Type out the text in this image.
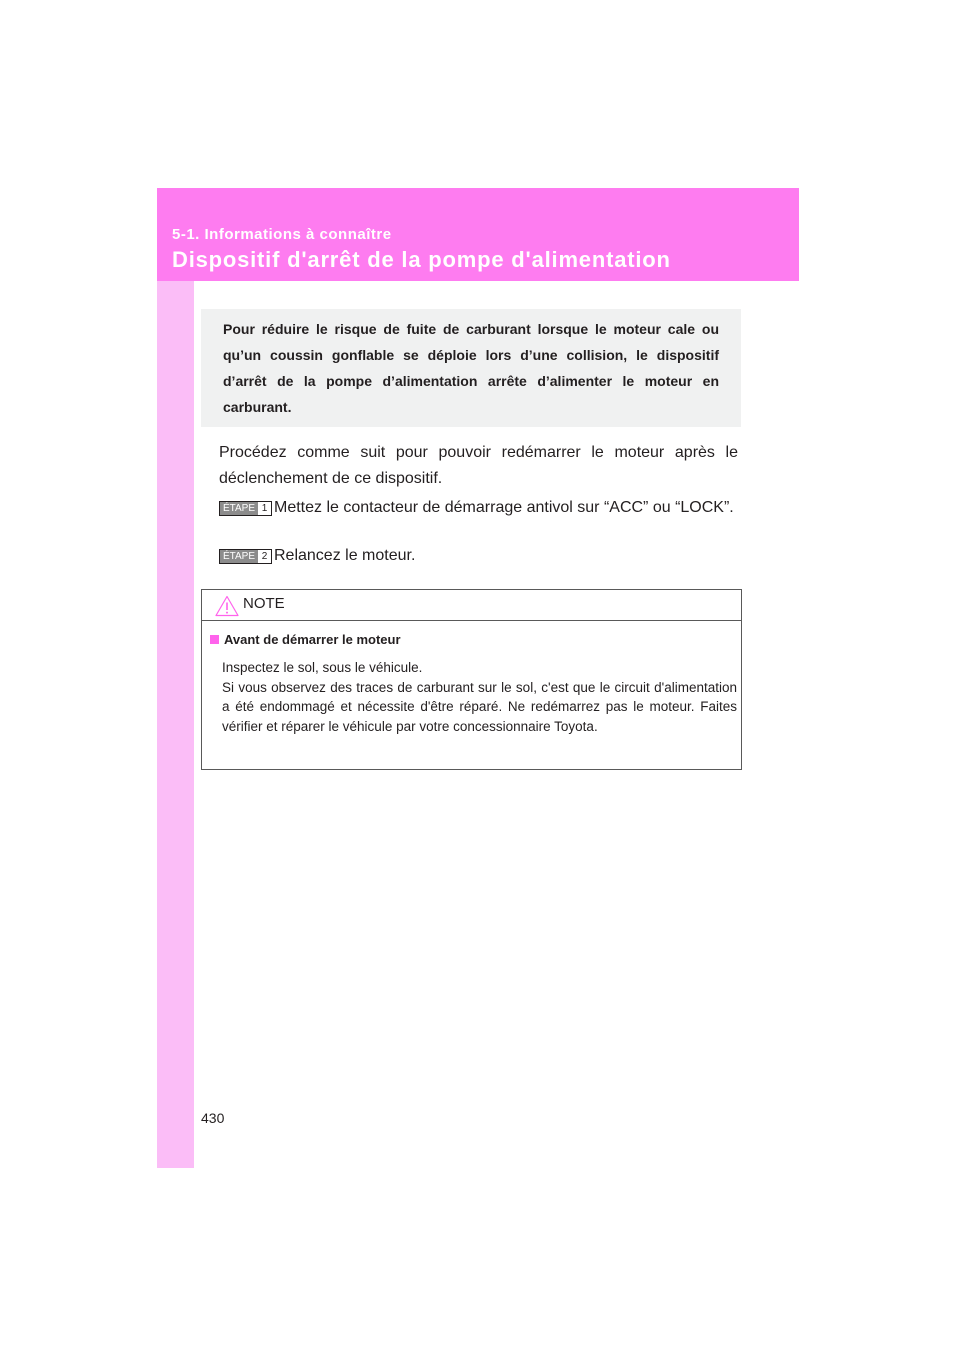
5-1. Informations à connaître
Dispositif d'arrêt de la pompe d'alimentation

Pour réduire le risque de fuite de carburant lorsque le moteur cale ou qu’un coussin gonflable se déploie lors d’une collision, le dispositif d’arrêt de la pompe d’alimentation arrête d’alimenter le moteur en carburant.

Procédez comme suit pour pouvoir redémarrer le moteur après le déclenchement de ce dispositif.

ÉTAPE 1 Mettez le contacteur de démarrage antivol sur “ACC” ou “LOCK”.

ÉTAPE 2 Relancez le moteur.

NOTE
Avant de démarrer le moteur

Inspectez le sol, sous le véhicule.

Si vous observez des traces de carburant sur le sol, c'est que le circuit d'alimentation a été endommagé et nécessite d'être réparé. Ne redémarrez pas le moteur. Faites vérifier et réparer le véhicule par votre concessionnaire Toyota.

430
